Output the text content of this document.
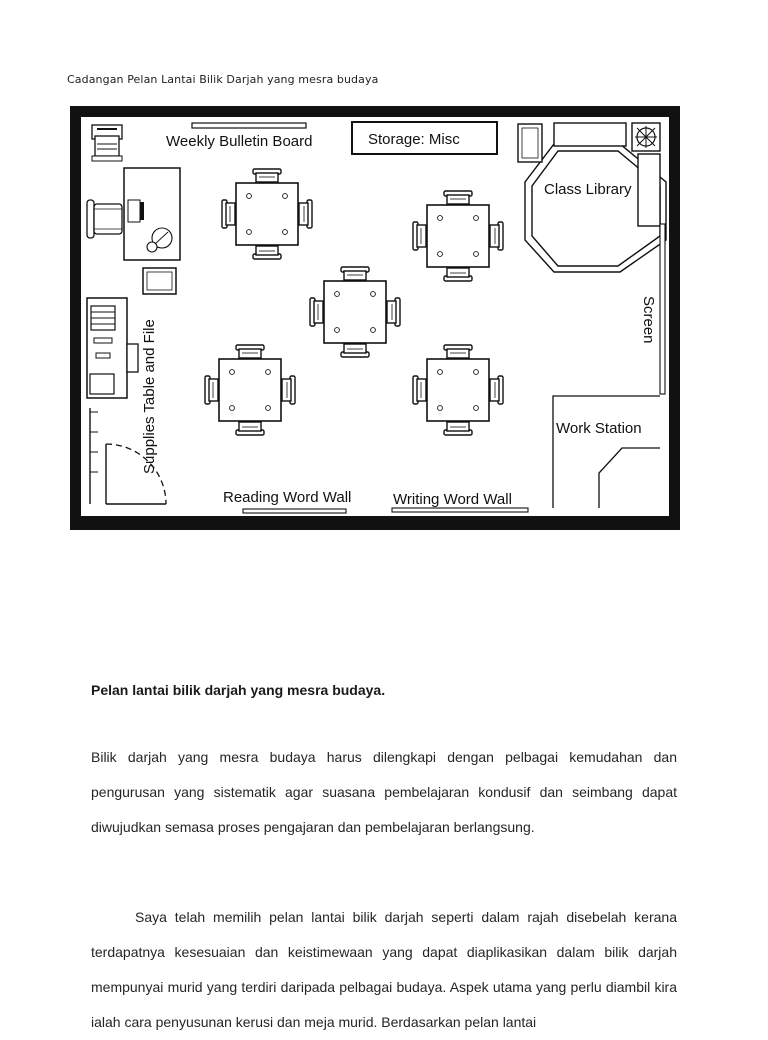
Cadangan Pelan Lantai Bilik Darjah yang mesra budaya
Weekly Bulletin Board	Storage: Misc
Supplies Table and File
Reading Word Wall	Writing Word Wall
Class Library
Screen
Work Station
Pelan lantai bilik darjah yang mesra budaya.

Bilik darjah yang mesra budaya harus dilengkapi dengan pelbagai kemudahan dan pengurusan yang sistematik agar suasana pembelajaran kondusif dan seimbang dapat diwujudkan semasa proses pengajaran dan pembelajaran berlangsung.

Saya telah memilih pelan lantai bilik darjah seperti dalam rajah disebelah kerana terdapatnya kesesuaian dan keistimewaan yang dapat diaplikasikan dalam bilik darjah mempunyai murid yang terdiri daripada pelbagai budaya. Aspek utama yang perlu diambil kira ialah cara penyusunan kerusi dan meja murid. Berdasarkan pelan lantai
